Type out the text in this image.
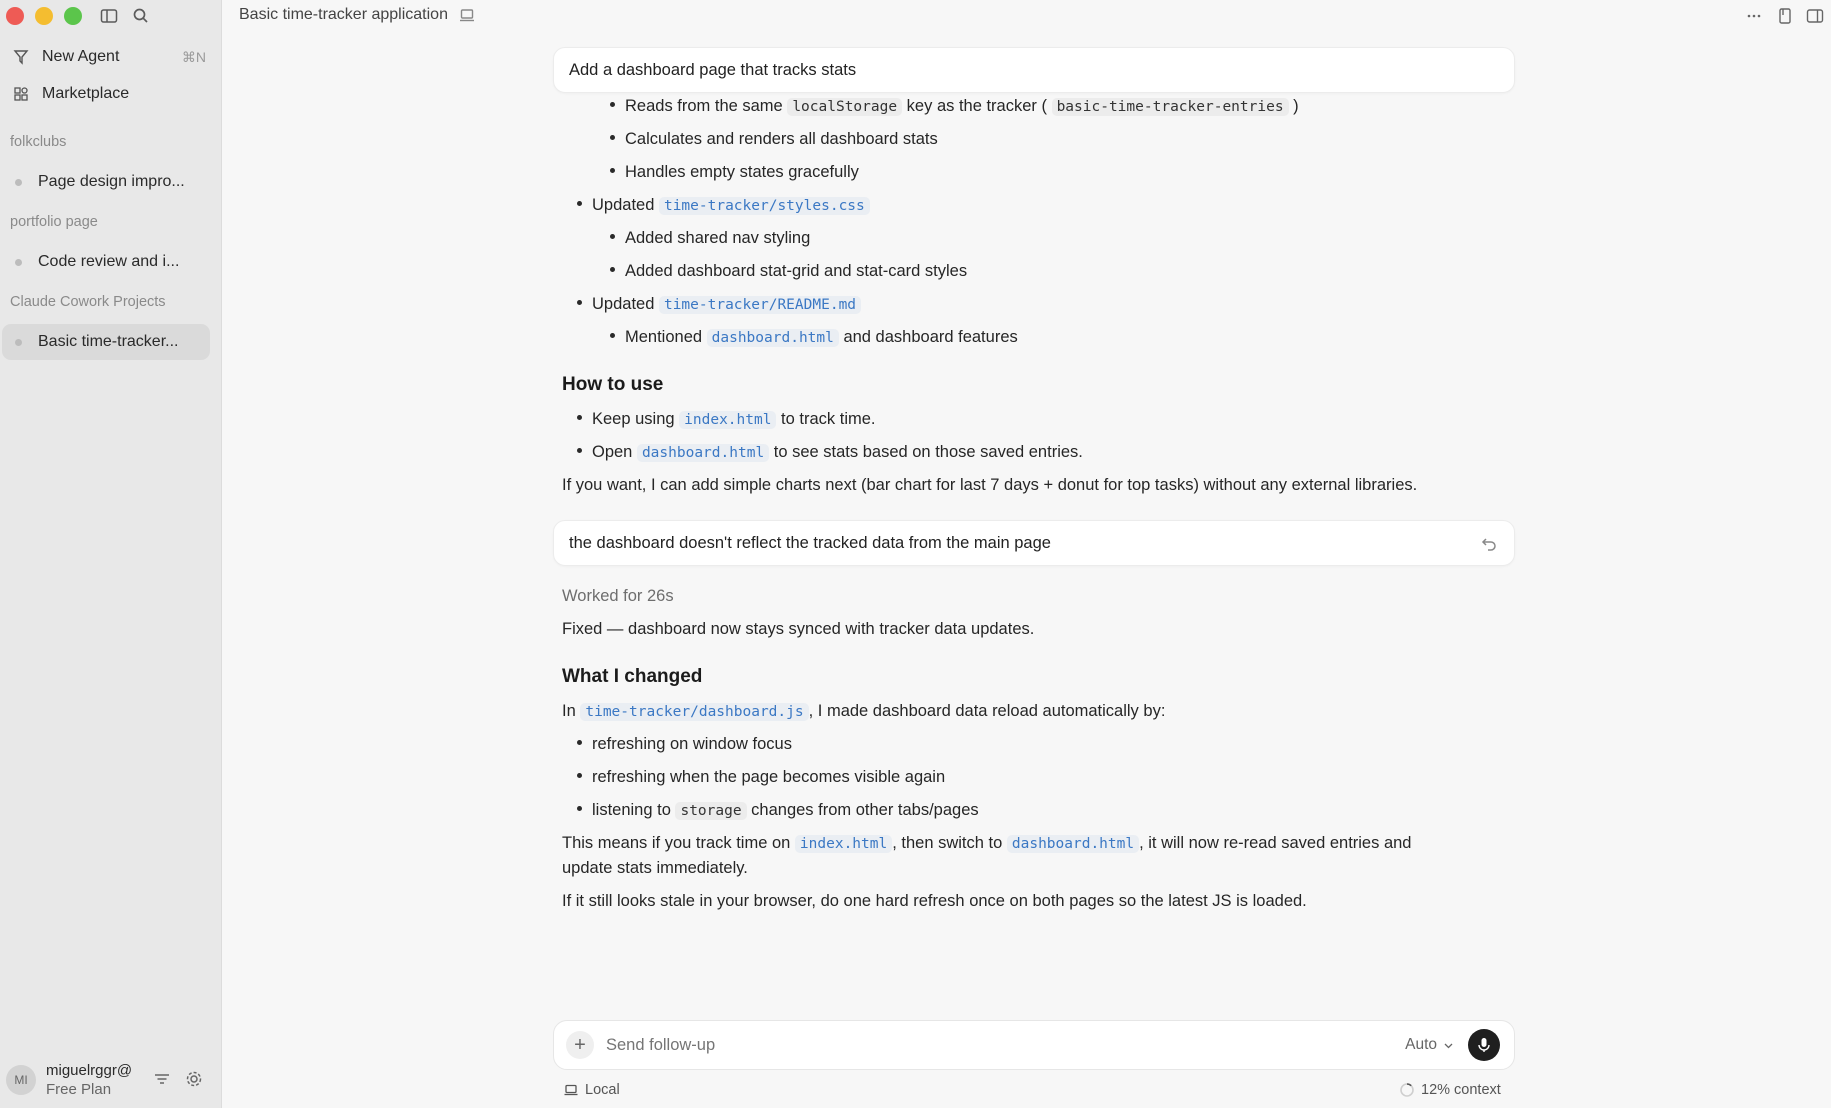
New Agent	⌘N
Marketplace
folkclubs
Page design impro...
portfolio page
Code review and i...
Claude Cowork Projects
Basic time-tracker...
MI
miguelrggr@
Free Plan
Basic time-tracker application
Add a dashboard page that tracks stats
Reads from the same localStorage key as the tracker ( basic-time-tracker-entries )
Calculates and renders all dashboard stats
Handles empty states gracefully
Updated time-tracker/styles.css
Added shared nav styling
Added dashboard stat-grid and stat-card styles
Updated time-tracker/README.md
Mentioned dashboard.html and dashboard features
How to use
Keep using index.html to track time.
Open dashboard.html to see stats based on those saved entries.
If you want, I can add simple charts next (bar chart for last 7 days + donut for top tasks) without any external libraries.
the dashboard doesn't reflect the tracked data from the main page
Worked for 26s
Fixed — dashboard now stays synced with tracker data updates.
What I changed
In time-tracker/dashboard.js , I made dashboard data reload automatically by:
refreshing on window focus
refreshing when the page becomes visible again
listening to storage changes from other tabs/pages
This means if you track time on index.html , then switch to dashboard.html , it will now re-read saved entries and
update stats immediately.
If it still looks stale in your browser, do one hard refresh once on both pages so the latest JS is loaded.
+
Send follow-up	Auto
Local	12% context
